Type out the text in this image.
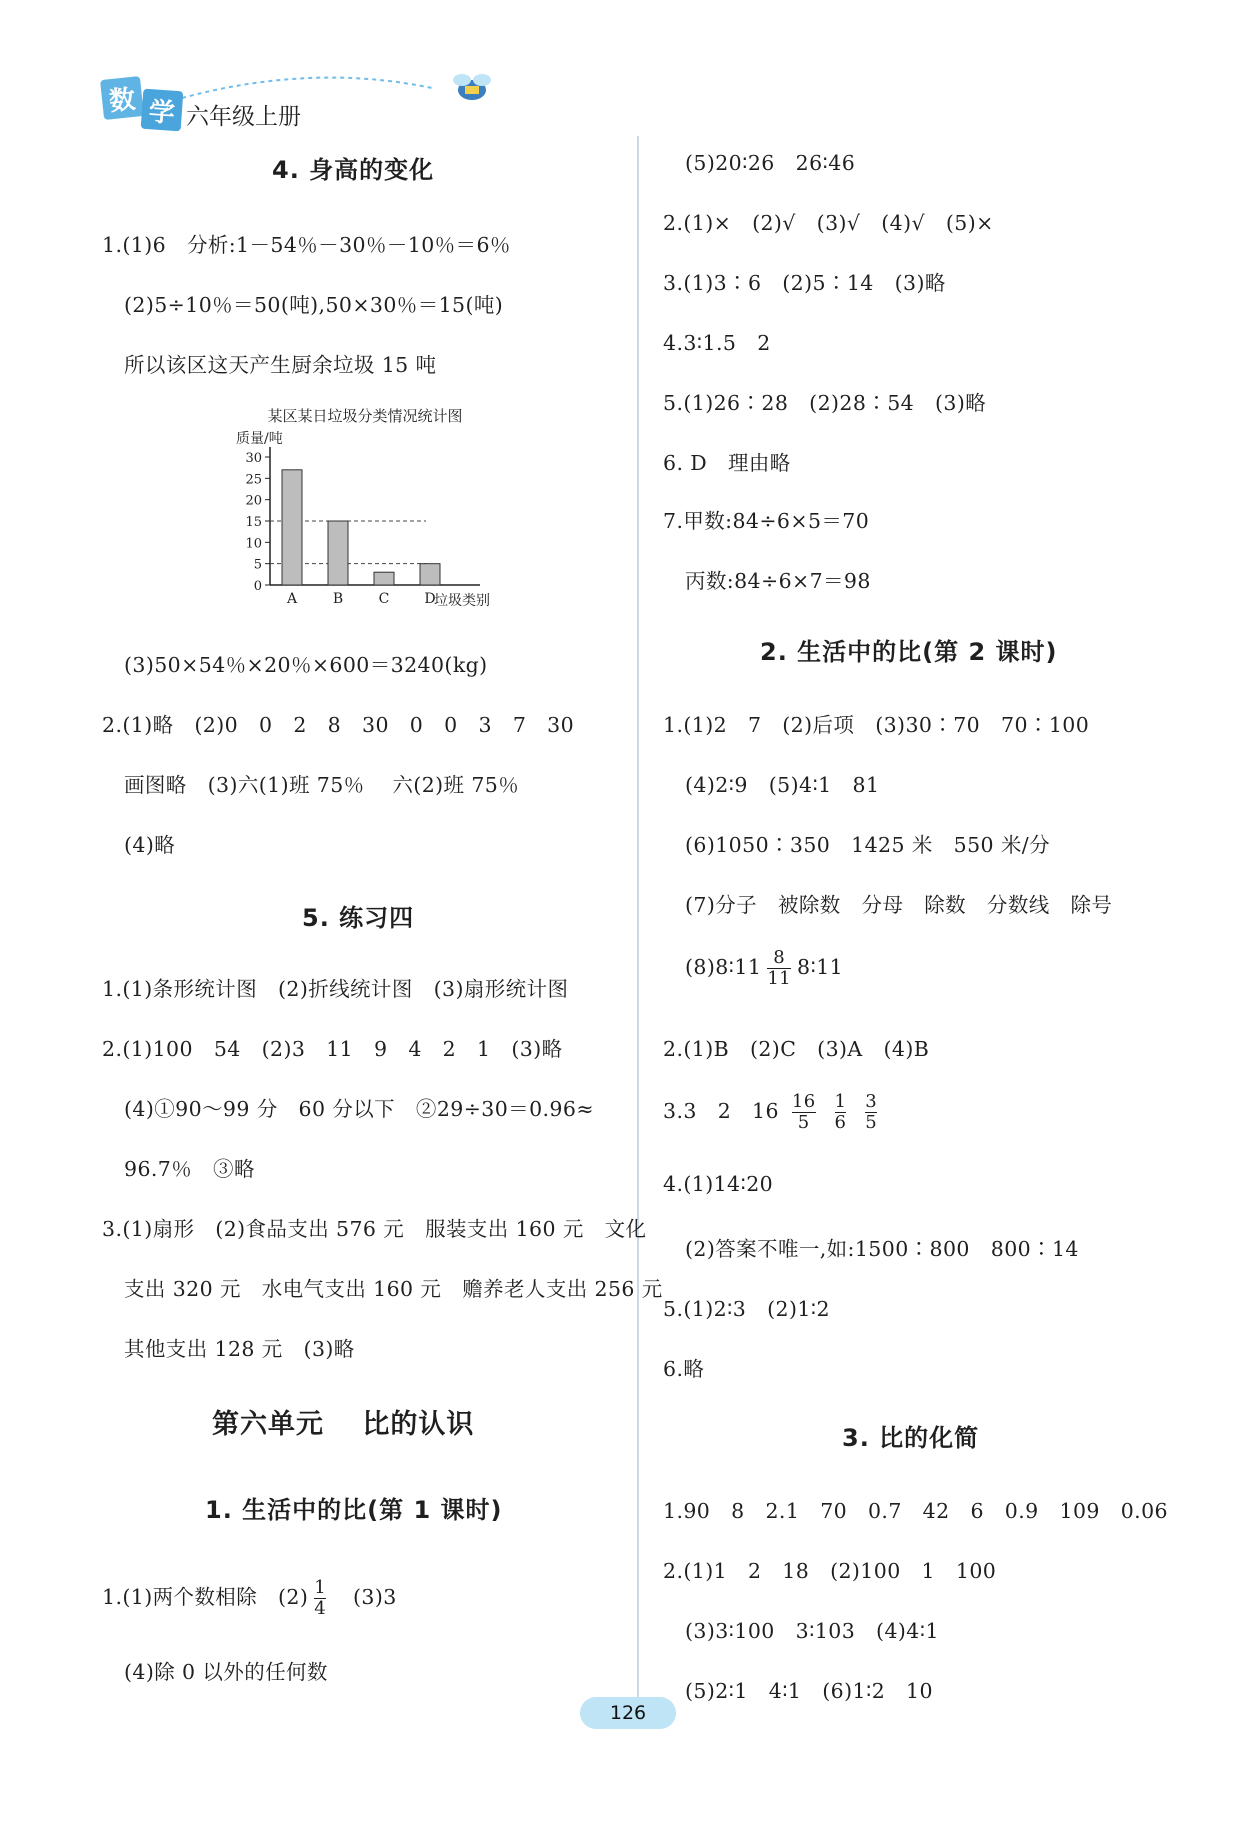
数 学 六年级上册
4. 身高的变化
1.(1)6　分析:1－54％－30％－10％＝6％
(2)5÷10％＝50(吨),50×30％＝15(吨)
所以该区这天产生厨余垃圾 15 吨
某区某日垃圾分类情况统计图
质量/吨
0
5
10
15
20
25
30
A	B	C	D
垃圾类别
(3)50×54％×20％×600＝3240(kg)
2.(1)略　(2)0　0　2　8　30　0　0　3　7　30
画图略　(3)六(1)班 75％　 六(2)班 75％
(4)略
5. 练习四
1.(1)条形统计图　(2)折线统计图　(3)扇形统计图
2.(1)100　54　(2)3　11　9　4　2　1　(3)略
(4)①90～99 分　60 分以下　②29÷30＝0.96≈
96.7％　③略
3.(1)扇形　(2)食品支出 576 元　服装支出 160 元　文化
支出 320 元　水电气支出 160 元　赡养老人支出 256 元
其他支出 128 元　(3)略
第六单元　 比的认识
1. 生活中的比(第 1 课时)
1.(1)两个数相除　$(2) \frac{1}{4}$ 　(3)3
(4)除 0 以外的任何数
(5)20∶26　26∶46
2.(1)×　(2)√　(3)√　(4)√　(5)×
3.(1)3∶6　(2)5∶14　(3)略
4.3∶1.5　2
5.(1)26∶28　(2)28∶54　(3)略
6. D　理由略
7.甲数:84÷6×5＝70
丙数:84÷6×7＝98
2. 生活中的比(第 2 课时)
1.(1)2　7　(2)后项　(3)30∶70　70∶100
(4)2∶9　(5)4∶1　81
(6)1050∶350　1425 米　550 米/分
(7)分子　被除数　分母　除数　分数线　除号
(8)8∶11 $\frac{8}{11}$ 8∶11
2.(1)B　(2)C　(3)A　(4)B
3.3　2　$16 \frac{16}{5}$
$\frac{1}{6}$
$\frac{3}{5}$
4.(1)14∶20
(2)答案不唯一,如:1500∶800　800∶14
5.(1)2∶3　(2)1∶2
6.略
3. 比的化简
1.90　8　2.1　70　0.7　42　6　0.9　109　0.06
2.(1)1　2　18　(2)100　1　100
(3)3∶100　3∶103　(4)4∶1
(5)2∶1　4∶1　(6)1∶2　10
126
